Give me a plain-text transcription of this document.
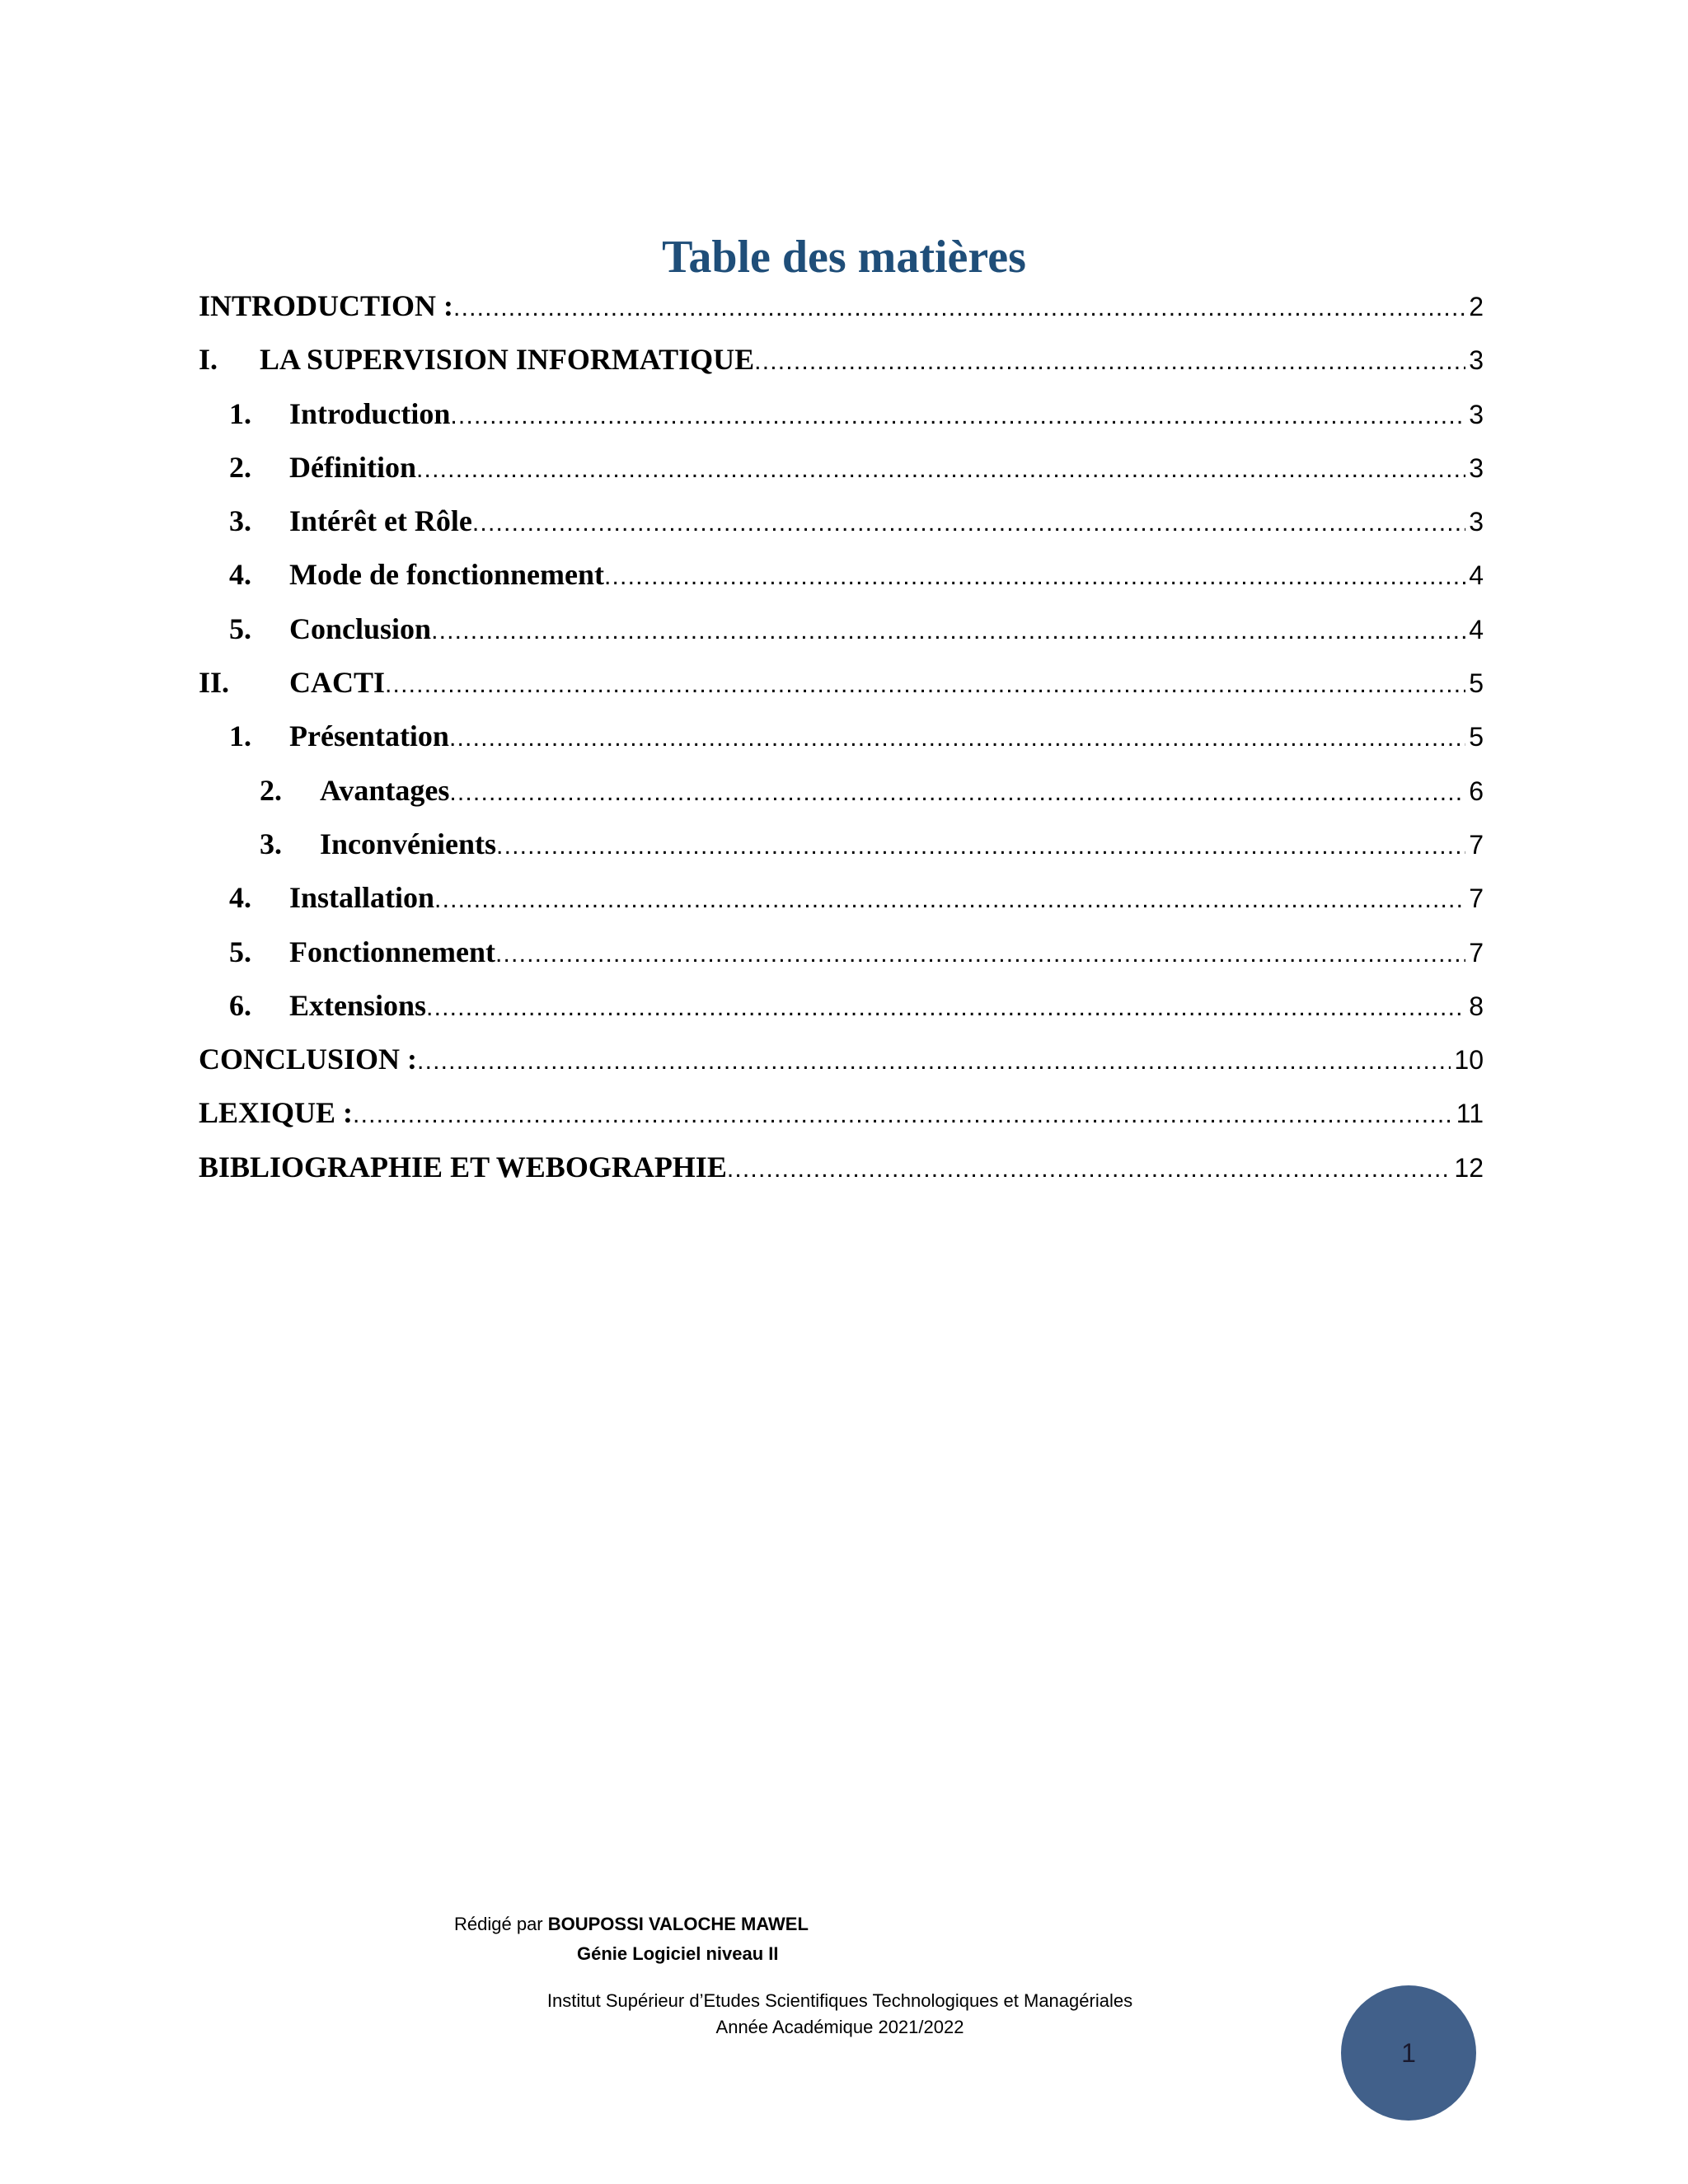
Table des matières
INTRODUCTION : .....	2
I.	LA SUPERVISION INFORMATIQUE .....	3
1.	Introduction .....	3
2.	Définition .....	3
3.	Intérêt et Rôle .....	3
4.	Mode de fonctionnement .....	4
5.	Conclusion .....	4
II.	CACTI .....	5
1.	Présentation .....	5
2.	Avantages .....	6
3.	Inconvénients .....	7
4.	Installation .....	7
5.	Fonctionnement .....	7
6.	Extensions .....	8
CONCLUSION : .....	10
LEXIQUE : .....	11
BIBLIOGRAPHIE ET WEBOGRAPHIE .....	12
Rédigé par BOUPOSSI VALOCHE MAWEL
Génie Logiciel niveau II
Institut Supérieur d’Etudes Scientifiques Technologiques et Managériales
Année Académique 2021/2022
1
